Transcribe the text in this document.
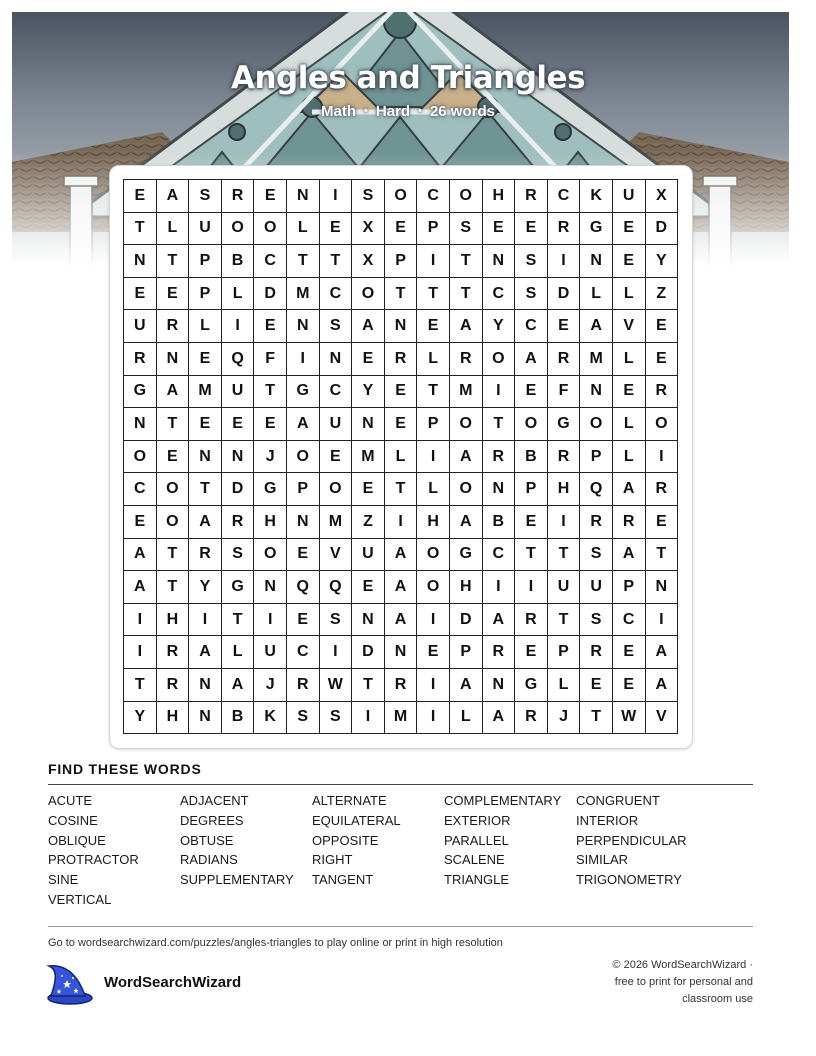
Angles and Triangles
Math • Hard • 26 words
E	A	S	R	E	N	I	S	O	C	O	H	R	C	K	U	X
T	L	U	O	O	L	E	X	E	P	S	E	E	R	G	E	D
N	T	P	B	C	T	T	X	P	I	T	N	S	I	N	E	Y
E	E	P	L	D	M	C	O	T	T	T	C	S	D	L	L	Z
U	R	L	I	E	N	S	A	N	E	A	Y	C	E	A	V	E
R	N	E	Q	F	I	N	E	R	L	R	O	A	R	M	L	E
G	A	M	U	T	G	C	Y	E	T	M	I	E	F	N	E	R
N	T	E	E	E	A	U	N	E	P	O	T	O	G	O	L	O
O	E	N	N	J	O	E	M	L	I	A	R	B	R	P	L	I
C	O	T	D	G	P	O	E	T	L	O	N	P	H	Q	A	R
E	O	A	R	H	N	M	Z	I	H	A	B	E	I	R	R	E
A	T	R	S	O	E	V	U	A	O	G	C	T	T	S	A	T
A	T	Y	G	N	Q	Q	E	A	O	H	I	I	U	U	P	N
I	H	I	T	I	E	S	N	A	I	D	A	R	T	S	C	I
I	R	A	L	U	C	I	D	N	E	P	R	E	P	R	E	A
T	R	N	A	J	R	W	T	R	I	A	N	G	L	E	E	A
Y	H	N	B	K	S	S	I	M	I	L	A	R	J	T	W	V
FIND THESE WORDS
ACUTE	ADJACENT	ALTERNATE	COMPLEMENTARY	CONGRUENT
COSINE	DEGREES	EQUILATERAL	EXTERIOR	INTERIOR
OBLIQUE	OBTUSE	OPPOSITE	PARALLEL	PERPENDICULAR
PROTRACTOR	RADIANS	RIGHT	SCALENE	SIMILAR
SINE	SUPPLEMENTARY	TANGENT	TRIANGLE	TRIGONOMETRY
VERTICAL
Go to wordsearchwizard.com/puzzles/angles-triangles to play online or print in high resolution
WordSearchWizard
© 2026 WordSearchWizard ·
free to print for personal and
classroom use
